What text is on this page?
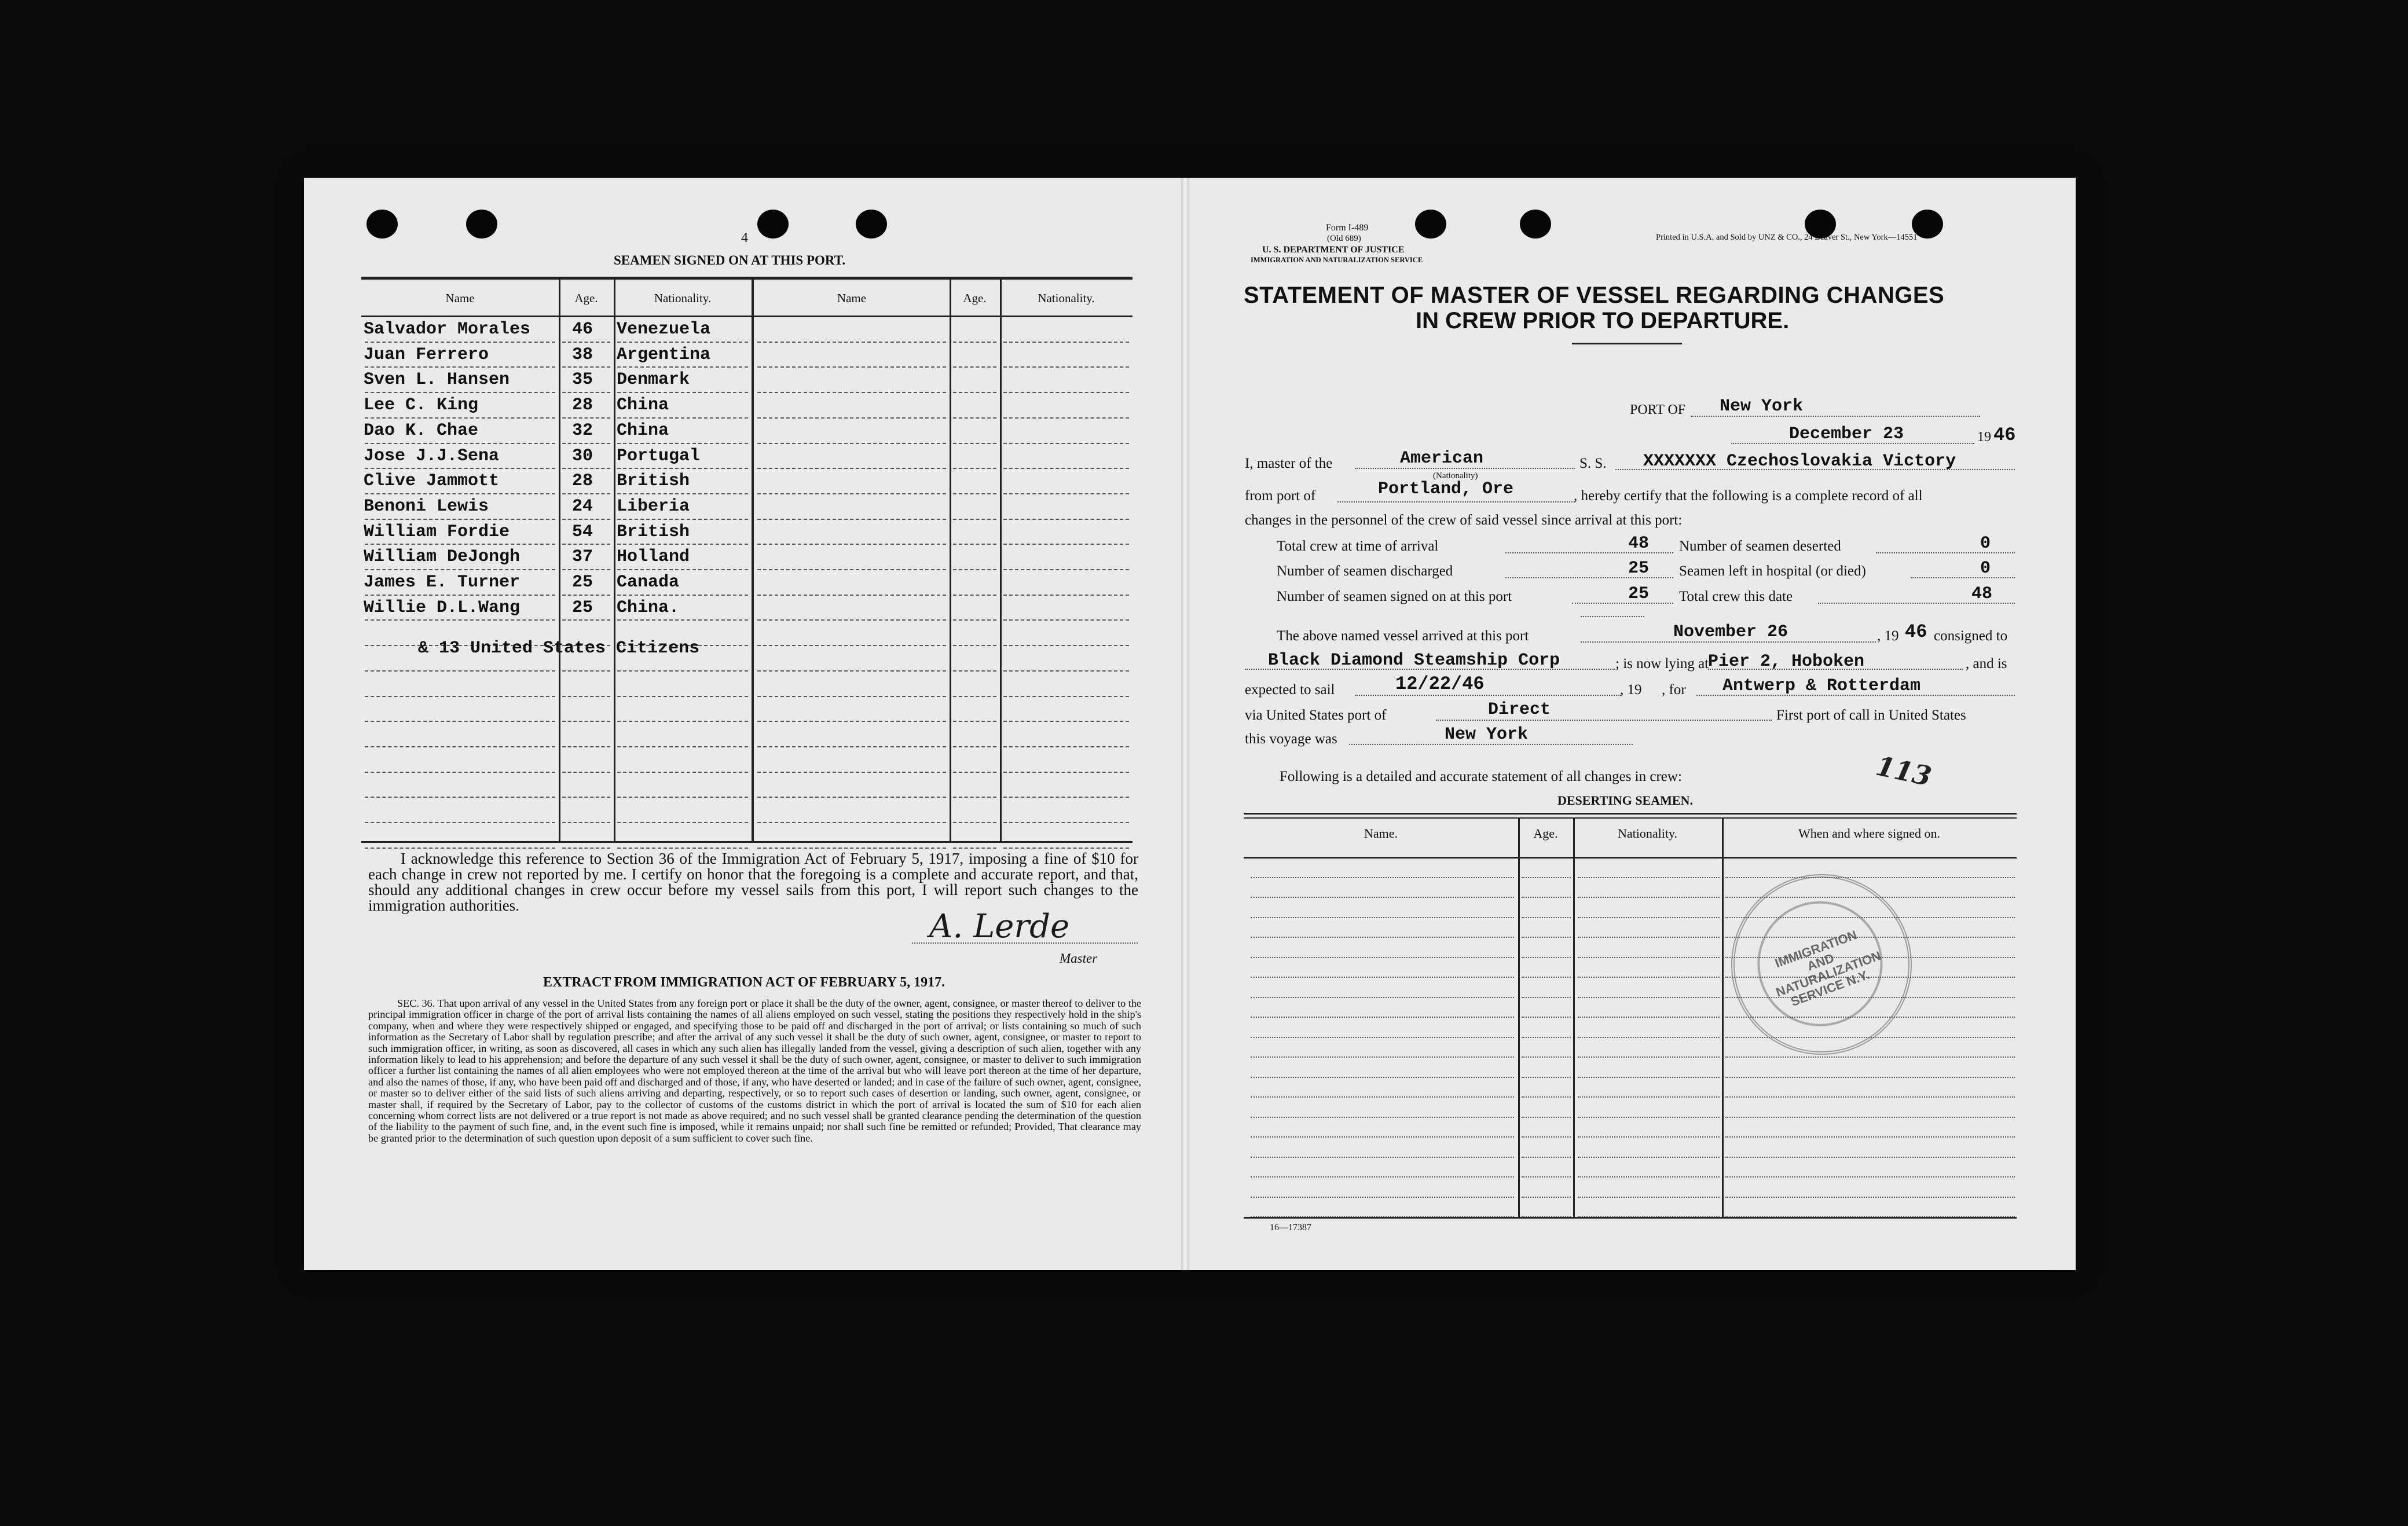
4
SEAMEN SIGNED ON AT THIS PORT.
Name	Age.	Nationality.	Name	Age.	Nationality.
Salvador Morales 46 Venezuela
Juan Ferrero	38 Argentina
Sven L. Hansen	35 Denmark
Lee C. King	28 China
Dao K. Chae	32 China
Jose J.J.Sena	30 Portugal
Clive Jammott	28 British
Benoni Lewis	24 Liberia
William Fordie	54 British
William DeJongh	37 Holland
James E. Turner	25 Canada
Willie D.L.Wang	25 China.
& 13 United States Citizens
I acknowledge this reference to Section 36 of the Immigration Act of February 5, 1917, imposing a fine of $10 for each change in crew not reported by me. I certify on honor that the foregoing is a complete and accurate report, and that, should any additional changes in crew occur before my vessel sails from this port, I will report such changes to the immigration authorities.
A. Lerde
Master
EXTRACT FROM IMMIGRATION ACT OF FEBRUARY 5, 1917.
SEC. 36. That upon arrival of any vessel in the United States from any foreign port or place it shall be the duty of the owner, agent, consignee, or master thereof to deliver to the principal immigration officer in charge of the port of arrival lists containing the names of all aliens employed on such vessel, stating the positions they respectively hold in the ship's company, when and where they were respectively shipped or engaged, and specifying those to be paid off and discharged in the port of arrival; or lists containing so much of such information as the Secretary of Labor shall by regulation prescribe; and after the arrival of any such vessel it shall be the duty of such owner, agent, consignee, or master to report to such immigration officer, in writing, as soon as discovered, all cases in which any such alien has illegally landed from the vessel, giving a description of such alien, together with any information likely to lead to his apprehension; and before the departure of any such vessel it shall be the duty of such owner, agent, consignee, or master to deliver to such immigration officer a further list containing the names of all alien employees who were not employed thereon at the time of the arrival but who will leave port thereon at the time of her departure, and also the names of those, if any, who have been paid off and discharged and of those, if any, who have deserted or landed; and in case of the failure of such owner, agent, consignee, or master so to deliver either of the said lists of such aliens arriving and departing, respectively, or so to report such cases of desertion or landing, such owner, agent, consignee, or master shall, if required by the Secretary of Labor, pay to the collector of customs of the customs district in which the port of arrival is located the sum of $10 for each alien concerning whom correct lists are not delivered or a true report is not made as above required; and no such vessel shall be granted clearance pending the determination of the question of the liability to the payment of such fine, and, in the event such fine is imposed, while it remains unpaid; nor shall such fine be remitted or refunded; Provided, That clearance may be granted prior to the determination of such question upon deposit of a sum sufficient to cover such fine.
Form I-489
(Old 689)
U. S. DEPARTMENT OF JUSTICE
IMMIGRATION AND NATURALIZATION SERVICE
Printed in U.S.A. and Sold by UNZ & CO., 24 Beaver St., New York—14551
STATEMENT OF MASTER OF VESSEL REGARDING CHANGES
IN CREW PRIOR TO DEPARTURE.
PORT OF New York
December 23	19 46
I, master of the	American
(Nationality)
S. S. XXXXXXX Czechoslovakia Victory
from port of	Portland, Ore	, hereby certify that the following is a complete record of all
changes in the personnel of the crew of said vessel since arrival at this port:
Total crew at time of arrival	48 Number of seamen deserted	0
Number of seamen discharged	25 Seamen left in hospital (or died)	0
Number of seamen signed on at this port	25 Total crew this date	48
The above named vessel arrived at this port	November 26	, 19 46 consigned to
Black Diamond Steamship Corp	; is now lying at
Pier 2, Hoboken	, and is
expected to sail	12/22/46	, 19 , for Antwerp & Rotterdam
via United States port of	Direct	First port of call in United States
this voyage was	New York
Following is a detailed and accurate statement of all changes in crew:	113
DESERTING SEAMEN.
Name.	Age.	Nationality.	When and where signed on.
16—17387
IMMIGRATION AND NATURALIZATION SERVICE N.Y.
